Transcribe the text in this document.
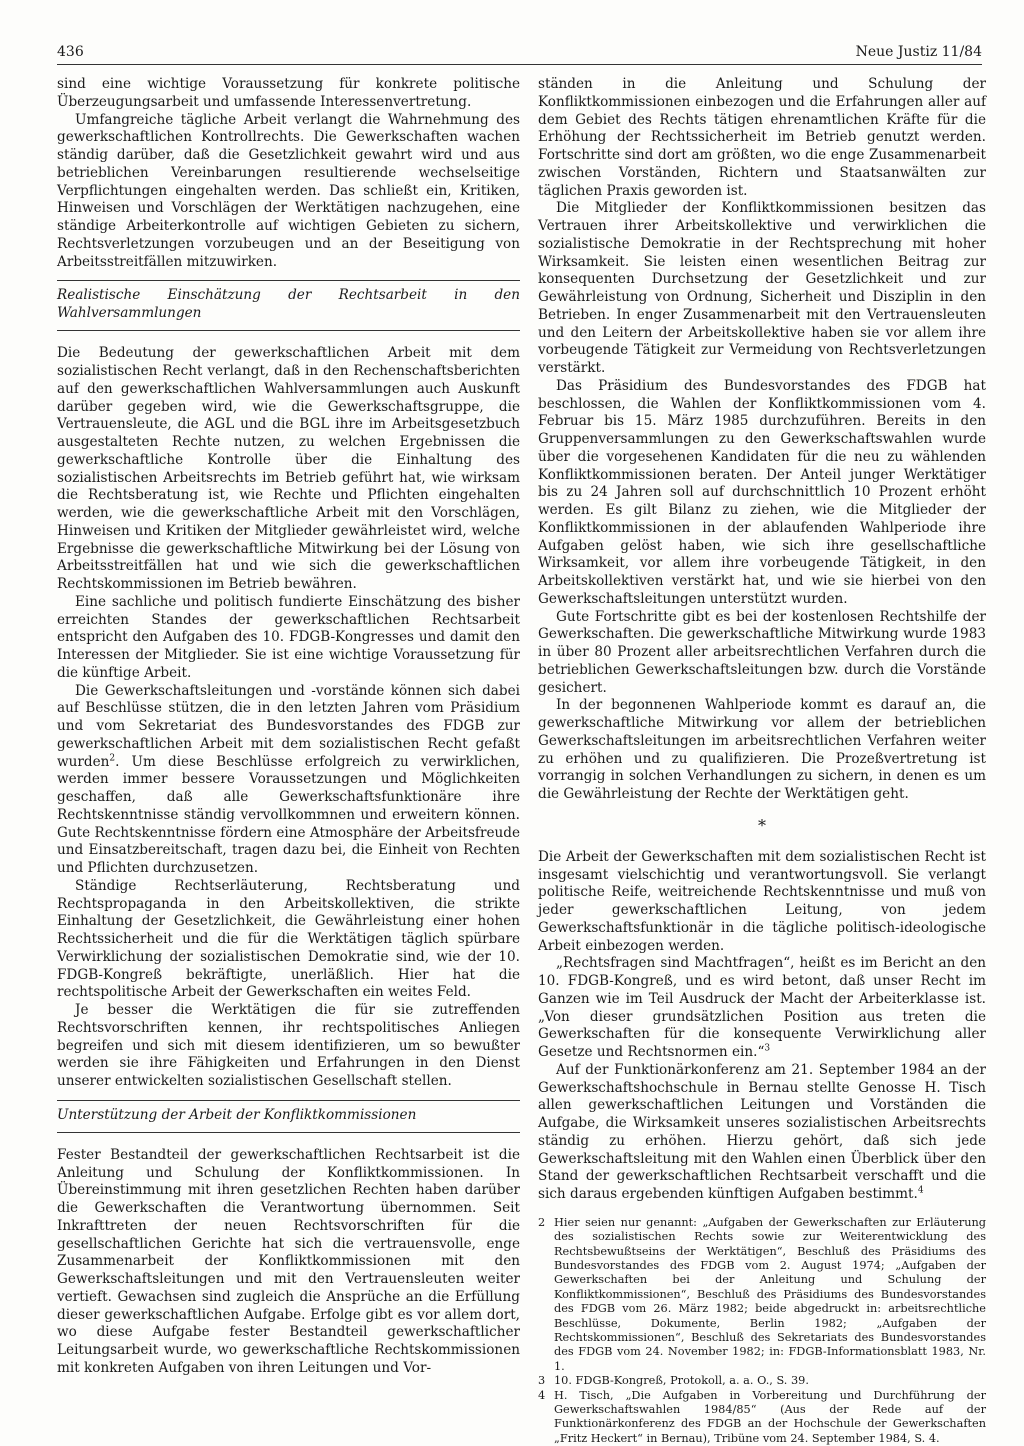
436	Neue Justiz 11/84

sind eine wichtige Voraussetzung für konkrete politische Überzeugungsarbeit und umfassende Interessenvertretung.

Umfangreiche tägliche Arbeit verlangt die Wahrnehmung des gewerkschaftlichen Kontrollrechts. Die Gewerkschaften wachen ständig darüber, daß die Gesetzlichkeit gewahrt wird und aus betrieblichen Vereinbarungen resultierende wechselseitige Verpflichtungen eingehalten werden. Das schließt ein, Kritiken, Hinweisen und Vorschlägen der Werktätigen nachzugehen, eine ständige Arbeiterkontrolle auf wichtigen Gebieten zu sichern, Rechtsverletzungen vorzubeugen und an der Beseitigung von Arbeitsstreitfällen mitzuwirken.

Realistische Einschätzung der Rechtsarbeit in den Wahlversammlungen

Die Bedeutung der gewerkschaftlichen Arbeit mit dem sozialistischen Recht verlangt, daß in den Rechenschaftsberichten auf den gewerkschaftlichen Wahlversammlungen auch Auskunft darüber gegeben wird, wie die Gewerkschaftsgruppe, die Vertrauensleute, die AGL und die BGL ihre im Arbeitsgesetzbuch ausgestalteten Rechte nutzen, zu welchen Ergebnissen die gewerkschaftliche Kontrolle über die Einhaltung des sozialistischen Arbeitsrechts im Betrieb geführt hat, wie wirksam die Rechtsberatung ist, wie Rechte und Pflichten eingehalten werden, wie die gewerkschaftliche Arbeit mit den Vorschlägen, Hinweisen und Kritiken der Mitglieder gewährleistet wird, welche Ergebnisse die gewerkschaftliche Mitwirkung bei der Lösung von Arbeitsstreitfällen hat und wie sich die gewerkschaftlichen Rechtskommissionen im Betrieb bewähren.

Eine sachliche und politisch fundierte Einschätzung des bisher erreichten Standes der gewerkschaftlichen Rechtsarbeit entspricht den Aufgaben des 10. FDGB-Kongresses und damit den Interessen der Mitglieder. Sie ist eine wichtige Voraussetzung für die künftige Arbeit.

Die Gewerkschaftsleitungen und -vorstände können sich dabei auf Beschlüsse stützen, die in den letzten Jahren vom Präsidium und vom Sekretariat des Bundesvorstandes des FDGB zur gewerkschaftlichen Arbeit mit dem sozialistischen Recht gefaßt wurden$^2$. Um diese Beschlüsse erfolgreich zu verwirklichen, werden immer bessere Voraussetzungen und Möglichkeiten geschaffen, daß alle Gewerkschaftsfunktionäre ihre Rechtskenntnisse ständig vervollkommnen und erweitern können. Gute Rechtskenntnisse fördern eine Atmosphäre der Arbeitsfreude und Einsatzbereitschaft, tragen dazu bei, die Einheit von Rechten und Pflichten durchzusetzen.

Ständige Rechtserläuterung, Rechtsberatung und Rechtspropaganda in den Arbeitskollektiven, die strikte Einhaltung der Gesetzlichkeit, die Gewährleistung einer hohen Rechtssicherheit und die für die Werktätigen täglich spürbare Verwirklichung der sozialistischen Demokratie sind, wie der 10. FDGB-Kongreß bekräftigte, unerläßlich. Hier hat die rechtspolitische Arbeit der Gewerkschaften ein weites Feld.

Je besser die Werktätigen die für sie zutreffenden Rechtsvorschriften kennen, ihr rechtspolitisches Anliegen begreifen und sich mit diesem identifizieren, um so bewußter werden sie ihre Fähigkeiten und Erfahrungen in den Dienst unserer entwickelten sozialistischen Gesellschaft stellen.

Unterstützung der Arbeit der Konfliktkommissionen

Fester Bestandteil der gewerkschaftlichen Rechtsarbeit ist die Anleitung und Schulung der Konfliktkommissionen. In Übereinstimmung mit ihren gesetzlichen Rechten haben darüber die Gewerkschaften die Verantwortung übernommen. Seit Inkrafttreten der neuen Rechtsvorschriften für die gesellschaftlichen Gerichte hat sich die vertrauensvolle, enge Zusammenarbeit der Konfliktkommissionen mit den Gewerkschaftsleitungen und mit den Vertrauensleuten weiter vertieft. Gewachsen sind zugleich die Ansprüche an die Erfüllung dieser gewerkschaftlichen Aufgabe. Erfolge gibt es vor allem dort, wo diese Aufgabe fester Bestandteil gewerkschaftlicher Leitungsarbeit wurde, wo gewerkschaftliche Rechtskommissionen mit konkreten Aufgaben von ihren Leitungen und Vor-

ständen in die Anleitung und Schulung der Konfliktkommissionen einbezogen und die Erfahrungen aller auf dem Gebiet des Rechts tätigen ehrenamtlichen Kräfte für die Erhöhung der Rechtssicherheit im Betrieb genutzt werden. Fortschritte sind dort am größten, wo die enge Zusammenarbeit zwischen Vorständen, Richtern und Staatsanwälten zur täglichen Praxis geworden ist.

Die Mitglieder der Konfliktkommissionen besitzen das Vertrauen ihrer Arbeitskollektive und verwirklichen die sozialistische Demokratie in der Rechtsprechung mit hoher Wirksamkeit. Sie leisten einen wesentlichen Beitrag zur konsequenten Durchsetzung der Gesetzlichkeit und zur Gewährleistung von Ordnung, Sicherheit und Disziplin in den Betrieben. In enger Zusammenarbeit mit den Vertrauensleuten und den Leitern der Arbeitskollektive haben sie vor allem ihre vorbeugende Tätigkeit zur Vermeidung von Rechtsverletzungen verstärkt.

Das Präsidium des Bundesvorstandes des FDGB hat beschlossen, die Wahlen der Konfliktkommissionen vom 4. Februar bis 15. März 1985 durchzuführen. Bereits in den Gruppenversammlungen zu den Gewerkschaftswahlen wurde über die vorgesehenen Kandidaten für die neu zu wählenden Konfliktkommissionen beraten. Der Anteil junger Werktätiger bis zu 24 Jahren soll auf durchschnittlich 10 Prozent erhöht werden. Es gilt Bilanz zu ziehen, wie die Mitglieder der Konfliktkommissionen in der ablaufenden Wahlperiode ihre Aufgaben gelöst haben, wie sich ihre gesellschaftliche Wirksamkeit, vor allem ihre vorbeugende Tätigkeit, in den Arbeitskollektiven verstärkt hat, und wie sie hierbei von den Gewerkschaftsleitungen unterstützt wurden.

Gute Fortschritte gibt es bei der kostenlosen Rechtshilfe der Gewerkschaften. Die gewerkschaftliche Mitwirkung wurde 1983 in über 80 Prozent aller arbeitsrechtlichen Verfahren durch die betrieblichen Gewerkschaftsleitungen bzw. durch die Vorstände gesichert.

In der begonnenen Wahlperiode kommt es darauf an, die gewerkschaftliche Mitwirkung vor allem der betrieblichen Gewerkschaftsleitungen im arbeitsrechtlichen Verfahren weiter zu erhöhen und zu qualifizieren. Die Prozeßvertretung ist vorrangig in solchen Verhandlungen zu sichern, in denen es um die Gewährleistung der Rechte der Werktätigen geht.

*

Die Arbeit der Gewerkschaften mit dem sozialistischen Recht ist insgesamt vielschichtig und verantwortungsvoll. Sie verlangt politische Reife, weitreichende Rechtskenntnisse und muß von jeder gewerkschaftlichen Leitung, von jedem Gewerkschaftsfunktionär in die tägliche politisch-ideologische Arbeit einbezogen werden.

„Rechtsfragen sind Machtfragen“, heißt es im Bericht an den 10. FDGB-Kongreß, und es wird betont, daß unser Recht im Ganzen wie im Teil Ausdruck der Macht der Arbeiterklasse ist. „Von dieser grundsätzlichen Position aus treten die Gewerkschaften für die konsequente Verwirklichung aller Gesetze und Rechtsnormen ein.“$^3$

Auf der Funktionärkonferenz am 21. September 1984 an der Gewerkschaftshochschule in Bernau stellte Genosse H. Tisch allen gewerkschaftlichen Leitungen und Vorständen die Aufgabe, die Wirksamkeit unseres sozialistischen Arbeitsrechts ständig zu erhöhen. Hierzu gehört, daß sich jede Gewerkschaftsleitung mit den Wahlen einen Überblick über den Stand der gewerkschaftlichen Rechtsarbeit verschafft und die sich daraus ergebenden künftigen Aufgaben bestimmt.$^4$

2 Hier seien nur genannt: „Aufgaben der Gewerkschaften zur Erläuterung des sozialistischen Rechts sowie zur Weiterentwicklung des Rechtsbewußtseins der Werktätigen“, Beschluß des Präsidiums des Bundesvorstandes des FDGB vom 2. August 1974; „Aufgaben der Gewerkschaften bei der Anleitung und Schulung der Konfliktkommissionen“, Beschluß des Präsidiums des Bundesvorstandes des FDGB vom 26. März 1982; beide abgedruckt in: arbeitsrechtliche Beschlüsse, Dokumente, Berlin 1982; „Aufgaben der Rechtskommissionen“, Beschluß des Sekretariats des Bundesvorstandes des FDGB vom 24. November 1982; in: FDGB-Informationsblatt 1983, Nr. 1.
3 10. FDGB-Kongreß, Protokoll, a. a. O., S. 39.
4 H. Tisch, „Die Aufgaben in Vorbereitung und Durchführung der Gewerkschaftswahlen 1984/85“ (Aus der Rede auf der Funktionärkonferenz des FDGB an der Hochschule der Gewerkschaften „Fritz Heckert“ in Bernau), Tribüne vom 24. September 1984, S. 4.
